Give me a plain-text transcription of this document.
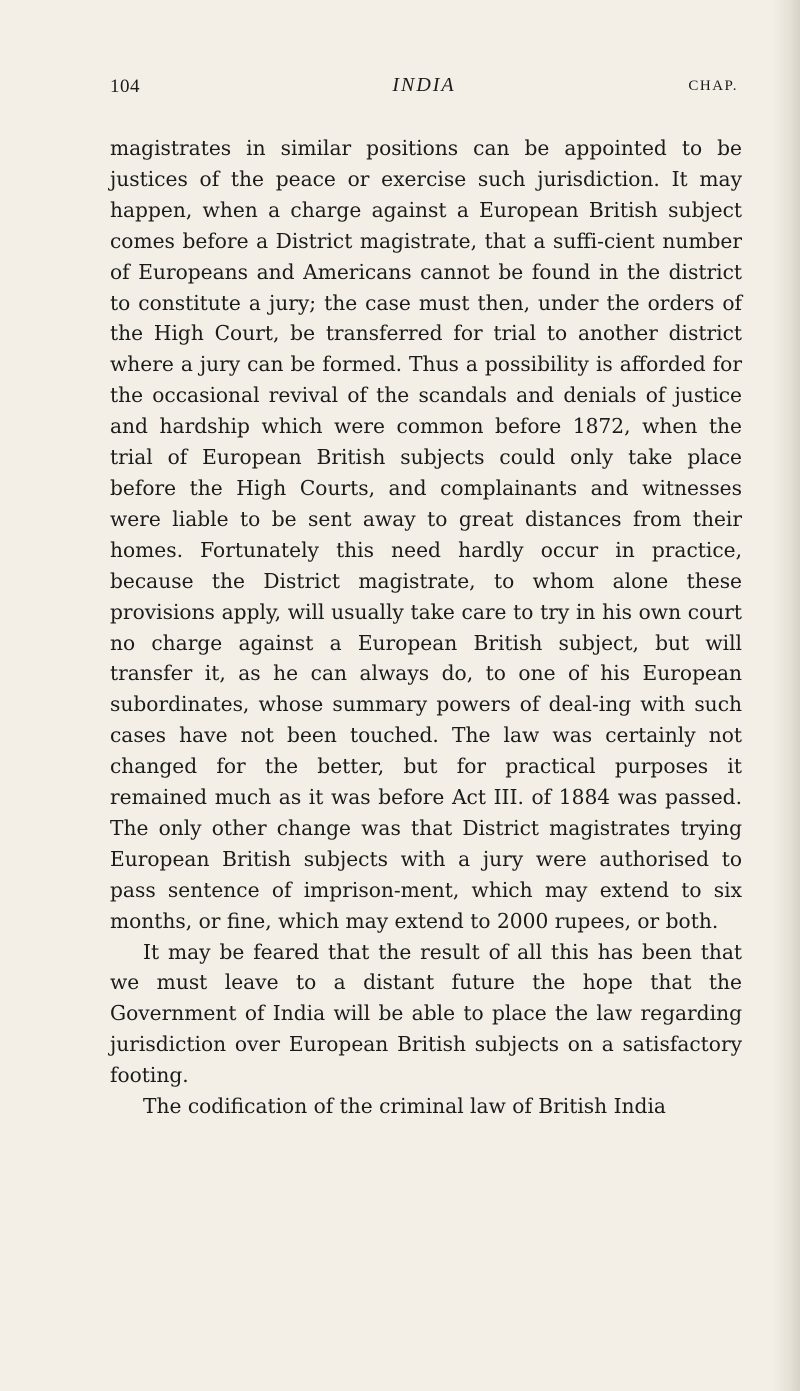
104	INDIA	CHAP.

magistrates in similar positions can be appointed to be justices of the peace or exercise such jurisdiction. It may happen, when a charge against a European British subject comes before a District magistrate, that a suffi-cient number of Europeans and Americans cannot be found in the district to constitute a jury; the case must then, under the orders of the High Court, be transferred for trial to another district where a jury can be formed. Thus a possibility is afforded for the occasional revival of the scandals and denials of justice and hardship which were common before 1872, when the trial of European British subjects could only take place before the High Courts, and complainants and witnesses were liable to be sent away to great distances from their homes. Fortunately this need hardly occur in practice, because the District magistrate, to whom alone these provisions apply, will usually take care to try in his own court no charge against a European British subject, but will transfer it, as he can always do, to one of his European subordinates, whose summary powers of deal-ing with such cases have not been touched. The law was certainly not changed for the better, but for practical purposes it remained much as it was before Act III. of 1884 was passed. The only other change was that District magistrates trying European British subjects with a jury were authorised to pass sentence of imprison-ment, which may extend to six months, or fine, which may extend to 2000 rupees, or both.

It may be feared that the result of all this has been that we must leave to a distant future the hope that the Government of India will be able to place the law regarding jurisdiction over European British subjects on a satisfactory footing.

The codification of the criminal law of British India
